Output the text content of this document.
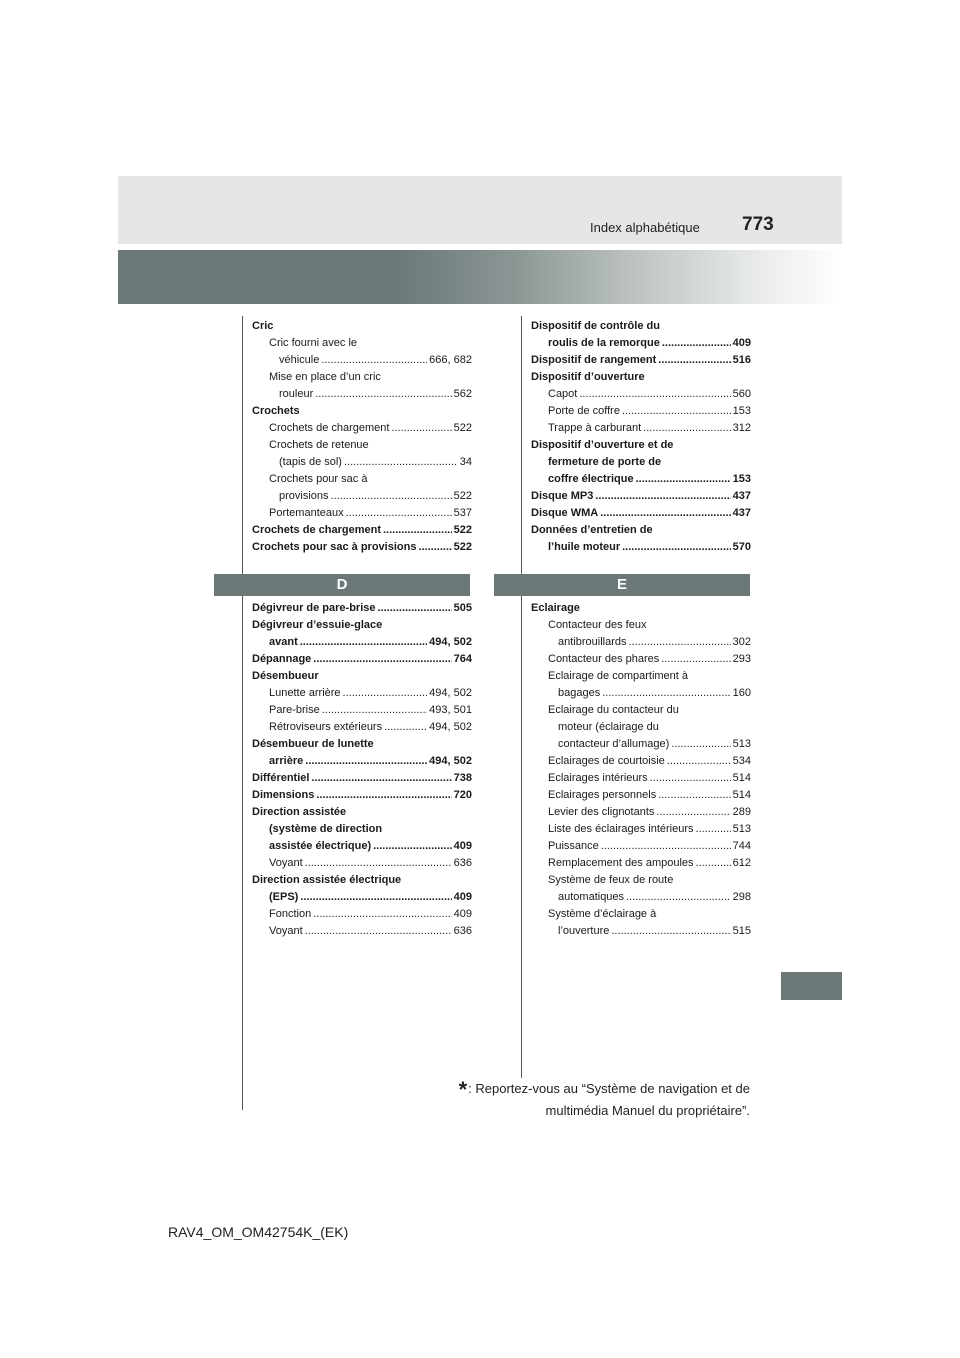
Index alphabétique 773
Cric
Cric fourni avec le
véhicule .....	666, 682
Mise en place d’un cric
rouleur .....	562
Crochets
Crochets de chargement .....	522
Crochets de retenue
(tapis de sol) .....	34
Crochets pour sac à
provisions .....	522
Portemanteaux .....	537
Crochets de chargement .....	522
Crochets pour sac à provisions .....	522
Dispositif de contrôle du
roulis de la remorque .....	409
Dispositif de rangement .....	516
Dispositif d’ouverture
Capot .....	560
Porte de coffre .....	153
Trappe à carburant .....	312
Dispositif d’ouverture et de
fermeture de porte de
coffre électrique .....	153
Disque MP3 .....	437
Disque WMA .....	437
Données d’entretien de
l’huile moteur .....	570
D	E
Dégivreur de pare-brise .....	505
Dégivreur d’essuie-glace
avant .....	494, 502
Dépannage .....	764
Désembueur
Lunette arrière .....	494, 502
Pare-brise .....	493, 501
Rétroviseurs extérieurs .....	494, 502
Désembueur de lunette
arrière .....	494, 502
Différentiel .....	738
Dimensions .....	720
Direction assistée
(système de direction
assistée électrique) .....	409
Voyant .....	636
Direction assistée électrique
(EPS) .....	409
Fonction .....	409
Voyant .....	636
Eclairage
Contacteur des feux
antibrouillards .....	302
Contacteur des phares .....	293
Eclairage de compartiment à
bagages .....	160
Eclairage du contacteur du
moteur (éclairage du
contacteur d’allumage) .....	513
Eclairages de courtoisie .....	534
Eclairages intérieurs .....	514
Eclairages personnels .....	514
Levier des clignotants .....	289
Liste des éclairages intérieurs .....	513
Puissance .....	744
Remplacement des ampoules .....	612
Système de feux de route
automatiques .....	298
Système d’éclairage à
l’ouverture .....	515
*: Reportez-vous au “Système de navigation et de
multimédia Manuel du propriétaire”.
RAV4_OM_OM42754K_(EK)
